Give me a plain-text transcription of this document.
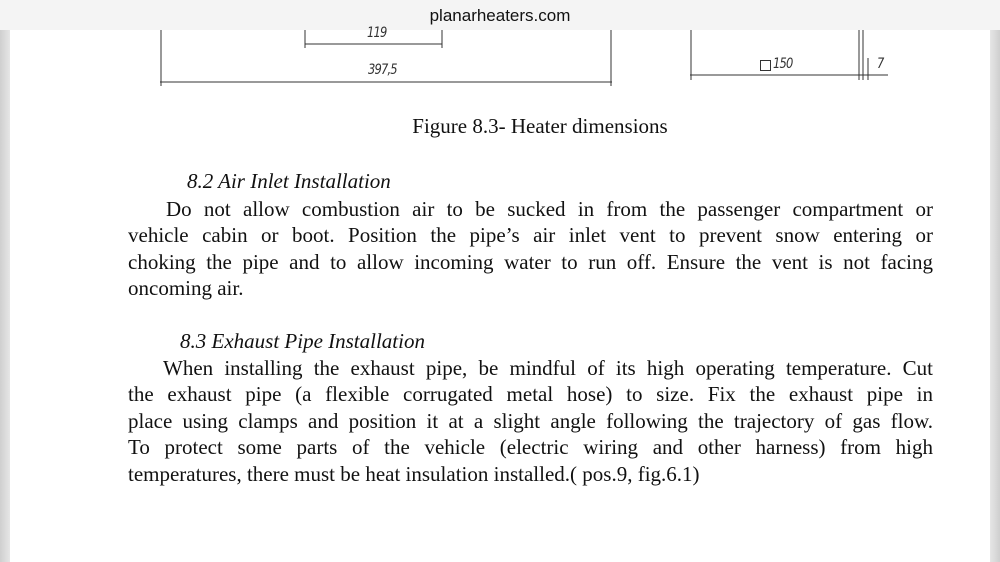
planarheaters.com
119
397,5	150	7
Figure 8.3- Heater dimensions
8.2 Air Inlet Installation
Do not allow combustion air to be sucked in from the passenger compartment or
vehicle cabin or boot. Position the pipe’s air inlet vent to prevent snow entering or
choking the pipe and to allow incoming water to run off. Ensure the vent is not facing
oncoming air.
8.3 Exhaust Pipe Installation
When installing the exhaust pipe, be mindful of its high operating temperature. Cut
the exhaust pipe (a flexible corrugated metal hose) to size. Fix the exhaust pipe in
place using clamps and position it at a slight angle following the trajectory of gas flow.
To protect some parts of the vehicle (electric wiring and other harness) from high
temperatures, there must be heat insulation installed.( pos.9, fig.6.1)
